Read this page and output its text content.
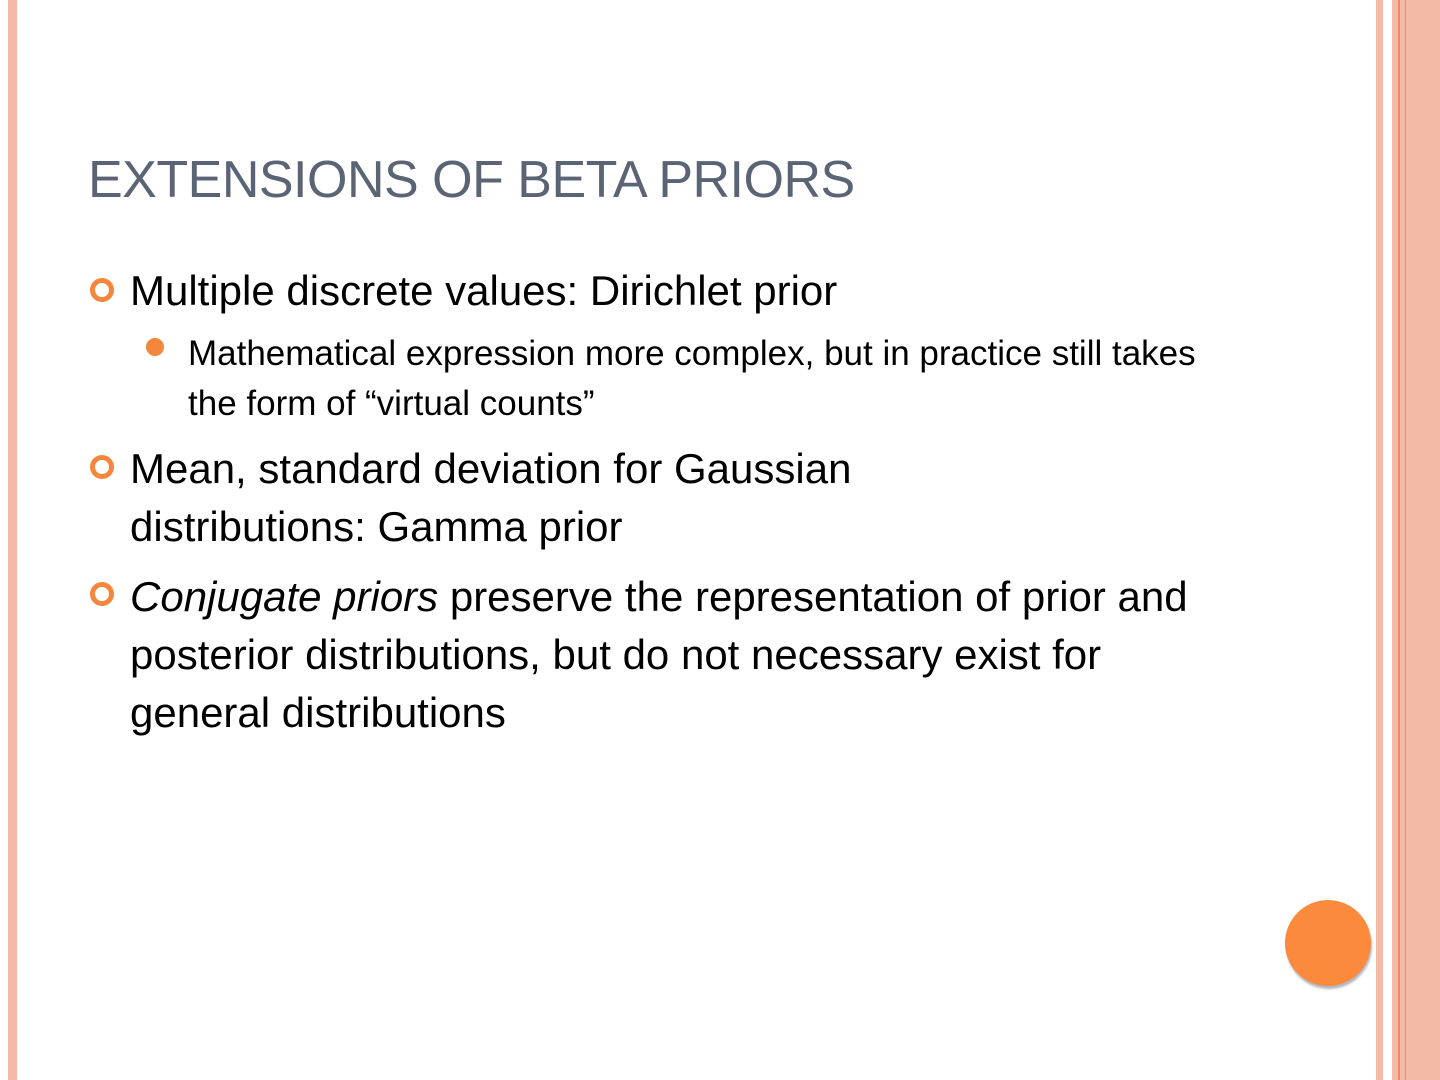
EXTENSIONS OF BETA PRIORS
Multiple discrete values: Dirichlet prior
Mathematical expression more complex, but in practice still takes the form of “virtual counts”
Mean, standard deviation for Gaussian distributions: Gamma prior
Conjugate priors preserve the representation of prior and posterior distributions, but do not necessary exist for general distributions
